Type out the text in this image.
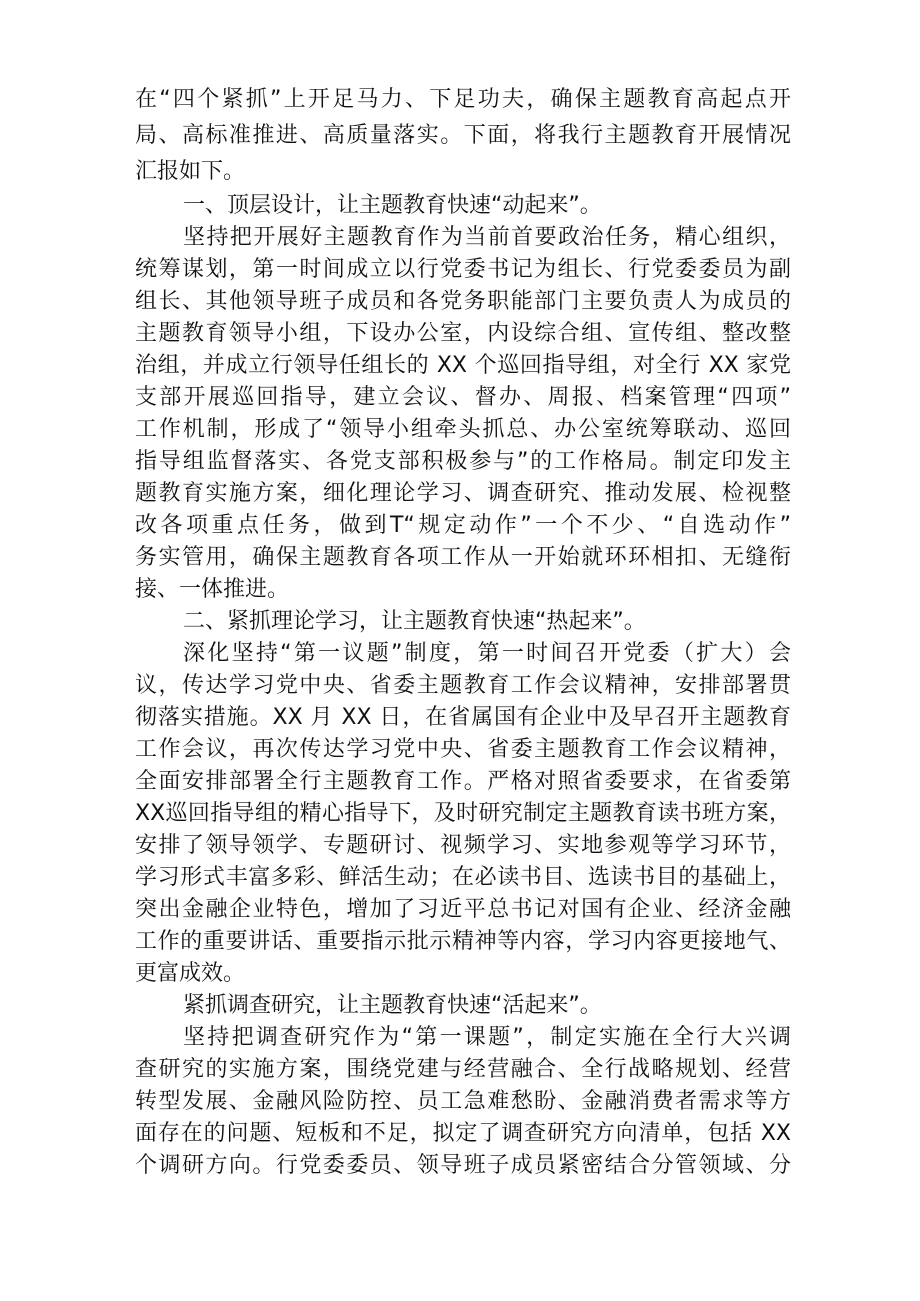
在“四个紧抓”上开足马力、下足功夫，确保主题教育高起点开
局、高标准推进、高质量落实。下面，将我行主题教育开展情况
汇报如下。
一、顶层设计，让主题教育快速“动起来”。
坚持把开展好主题教育作为当前首要政治任务，精心组织，
统筹谋划，第一时间成立以行党委书记为组长、行党委委员为副
组长、其他领导班子成员和各党务职能部门主要负责人为成员的
主题教育领导小组，下设办公室，内设综合组、宣传组、整改整
治组，并成立行领导任组长的 XX 个巡回指导组，对全行 XX 家党
支部开展巡回指导，建立会议、督办、周报、档案管理“四项”
工作机制，形成了“领导小组牵头抓总、办公室统筹联动、巡回
指导组监督落实、各党支部积极参与”的工作格局。制定印发主
题教育实施方案，细化理论学习、调查研究、推动发展、检视整
改各项重点任务，做到T“规定动作”一个不少、“自选动作”
务实管用，确保主题教育各项工作从一开始就环环相扣、无缝衔
接、一体推进。
二、紧抓理论学习，让主题教育快速“热起来”。
深化坚持“第一议题”制度，第一时间召开党委（扩大）会
议，传达学习党中央、省委主题教育工作会议精神，安排部署贯
彻落实措施。XX 月 XX 日，在省属国有企业中及早召开主题教育
工作会议，再次传达学习党中央、省委主题教育工作会议精神，
全面安排部署全行主题教育工作。严格对照省委要求，在省委第
XX巡回指导组的精心指导下，及时研究制定主题教育读书班方案，
安排了领导领学、专题研讨、视频学习、实地参观等学习环节，
学习形式丰富多彩、鲜活生动；在必读书目、选读书目的基础上，
突出金融企业特色，增加了习近平总书记对国有企业、经济金融
工作的重要讲话、重要指示批示精神等内容，学习内容更接地气、
更富成效。
紧抓调查研究，让主题教育快速“活起来”。
坚持把调查研究作为“第一课题”，制定实施在全行大兴调
查研究的实施方案，围绕党建与经营融合、全行战略规划、经营
转型发展、金融风险防控、员工急难愁盼、金融消费者需求等方
面存在的问题、短板和不足，拟定了调查研究方向清单，包括 XX
个调研方向。行党委委员、领导班子成员紧密结合分管领域、分
